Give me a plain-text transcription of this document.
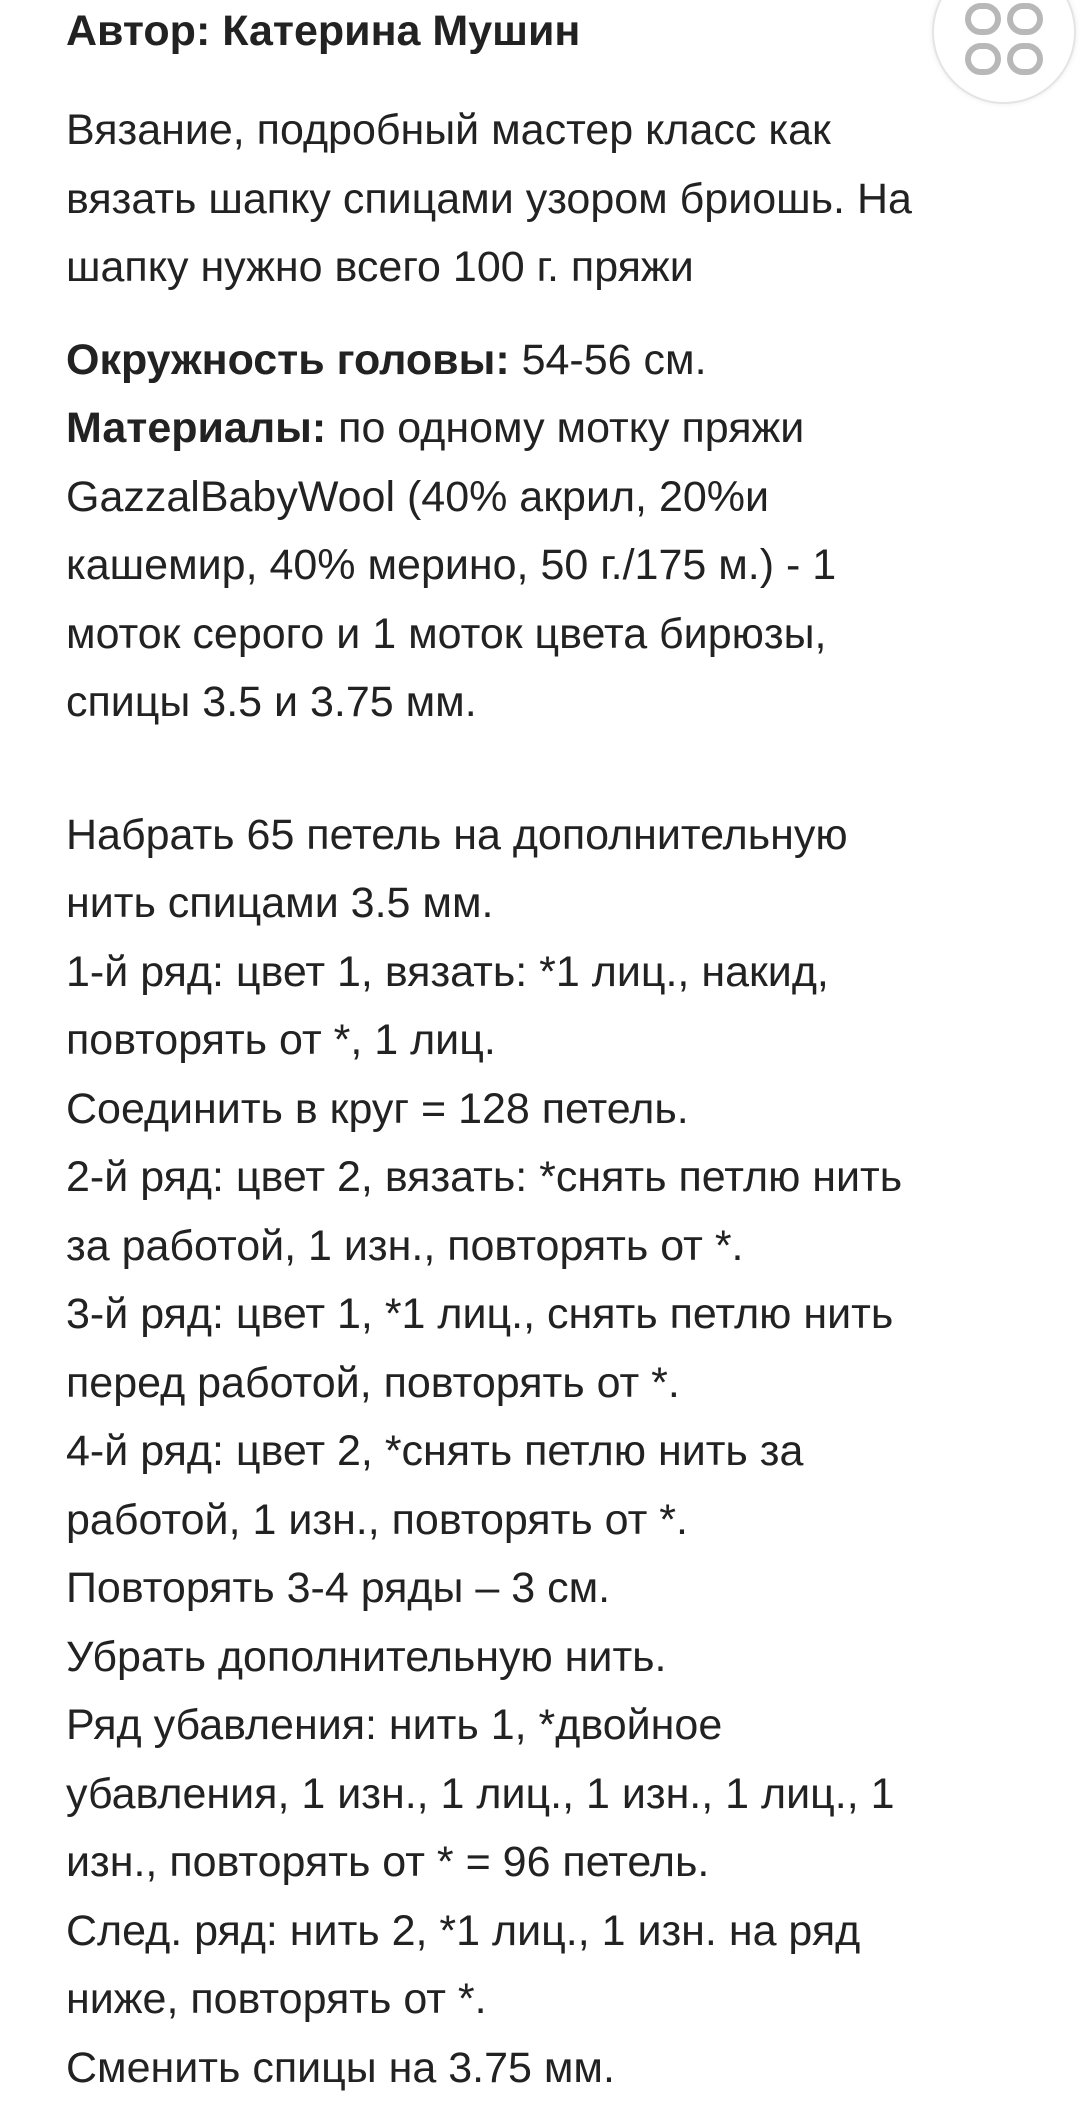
Автор: Катерина Мушин

Вязание, подробный мастер класс как
вязать шапку спицами узором бриошь. На
шапку нужно всего 100 г. пряжи

Окружность головы: 54-56 см.
Материалы: по одному мотку пряжи
GazzalBabyWool (40% акрил, 20%и
кашемир, 40% мерино, 50 г./175 м.) - 1
моток серого и 1 моток цвета бирюзы,
спицы 3.5 и 3.75 мм.

Набрать 65 петель на дополнительную
нить спицами 3.5 мм.
1-й ряд: цвет 1, вязать: *1 лиц., накид,
повторять от *, 1 лиц.
Соединить в круг = 128 петель.
2-й ряд: цвет 2, вязать: *снять петлю нить
за работой, 1 изн., повторять от *.
3-й ряд: цвет 1, *1 лиц., снять петлю нить
перед работой, повторять от *.
4-й ряд: цвет 2, *снять петлю нить за
работой, 1 изн., повторять от *.
Повторять 3-4 ряды – 3 см.
Убрать дополнительную нить.
Ряд убавления: нить 1, *двойное
убавления, 1 изн., 1 лиц., 1 изн., 1 лиц., 1
изн., повторять от * = 96 петель.
След. ряд: нить 2, *1 лиц., 1 изн. на ряд
ниже, повторять от *.
Сменить спицы на 3.75 мм.
